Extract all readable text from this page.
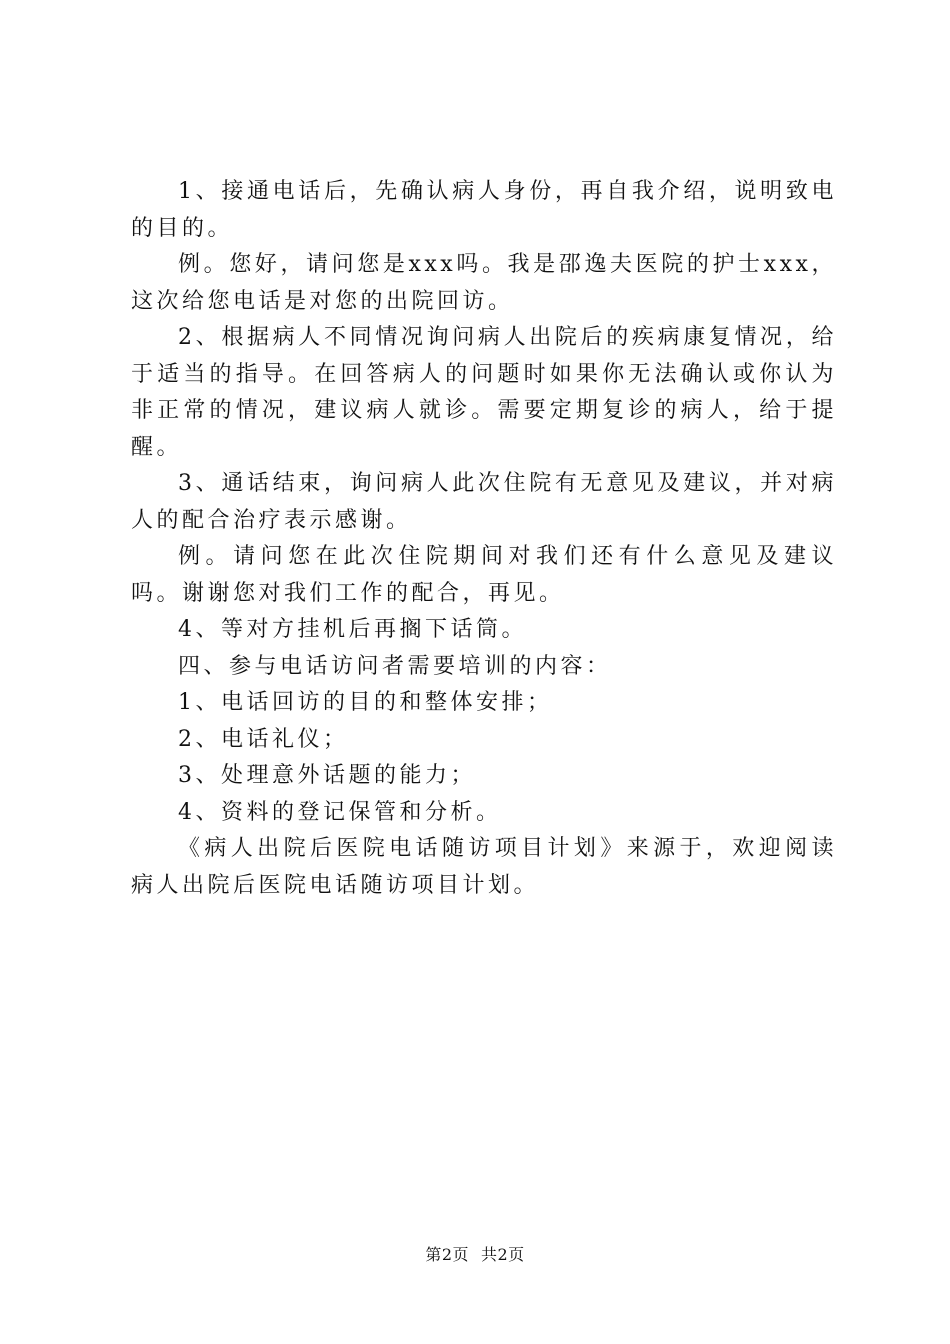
1、接通电话后，先确认病人身份，再自我介绍，说明致电的目的。

例。您好，请问您是xxx吗。我是邵逸夫医院的护士xxx，这次给您电话是对您的出院回访。

2、根据病人不同情况询问病人出院后的疾病康复情况，给于适当的指导。在回答病人的问题时如果你无法确认或你认为非正常的情况，建议病人就诊。需要定期复诊的病人，给于提醒。

3、通话结束，询问病人此次住院有无意见及建议，并对病人的配合治疗表示感谢。

例。请问您在此次住院期间对我们还有什么意见及建议吗。谢谢您对我们工作的配合，再见。

4、等对方挂机后再搁下话筒。

四、参与电话访问者需要培训的内容：

1、电话回访的目的和整体安排；

2、电话礼仪；

3、处理意外话题的能力；

4、资料的登记保管和分析。

《病人出院后医院电话随访项目计划》来源于，欢迎阅读病人出院后医院电话随访项目计划。

第2页 共2页
